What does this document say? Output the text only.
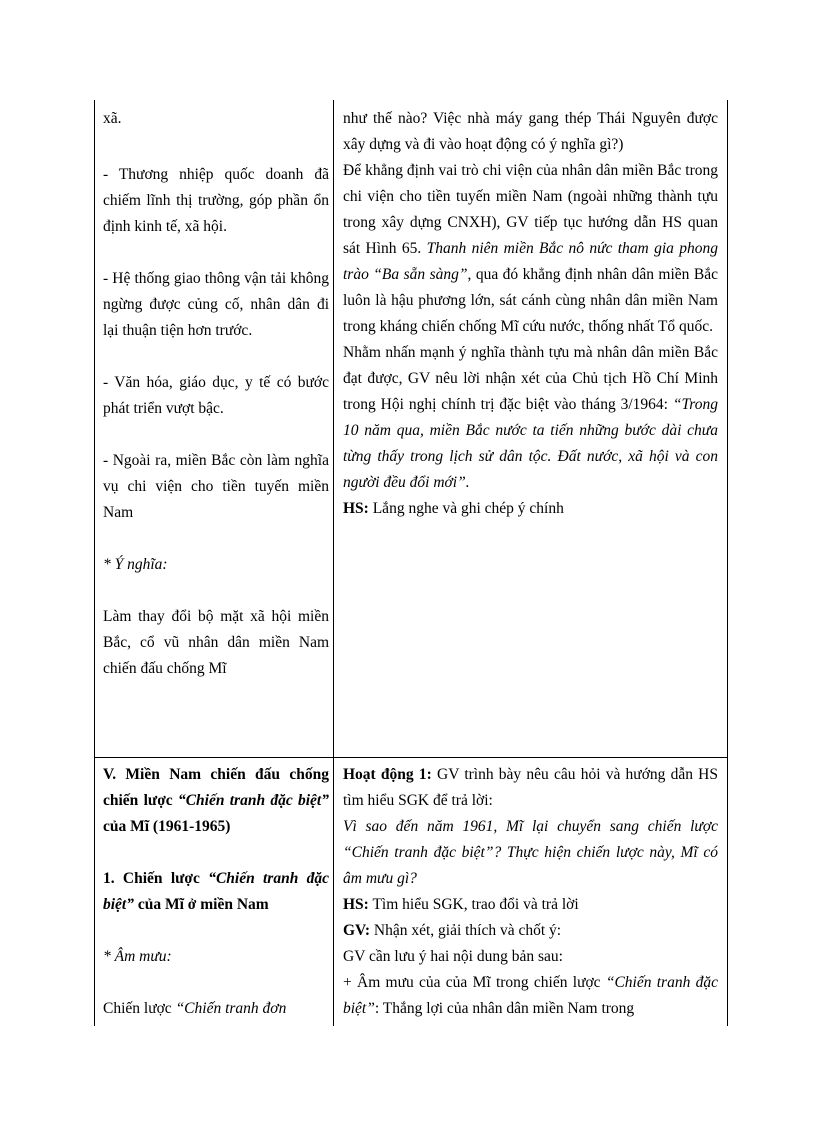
xã.

- Thương nhiệp quốc doanh đã chiếm lĩnh thị trường, góp phần ổn định kinh tế, xã hội.

- Hệ thống giao thông vận tải không ngừng được củng cố, nhân dân đi lại thuận tiện hơn trước.

- Văn hóa, giáo dục, y tế có bước phát triển vượt bậc.

- Ngoài ra, miền Bắc còn làm nghĩa vụ chi viện cho tiền tuyến miền Nam

* Ý nghĩa:

Làm thay đổi bộ mặt xã hội miền Bắc, cổ vũ nhân dân miền Nam chiến đấu chống Mĩ

như thế nào? Việc nhà máy gang thép Thái Nguyên được xây dựng và đi vào hoạt động có ý nghĩa gì?)

Để khẳng định vai trò chi viện của nhân dân miền Bắc trong chi viện cho tiền tuyến miền Nam (ngoài những thành tựu trong xây dựng CNXH), GV tiếp tục hướng dẫn HS quan sát Hình 65. Thanh niên miền Bắc nô nức tham gia phong trào “Ba sẵn sàng”, qua đó khẳng định nhân dân miền Bắc luôn là hậu phương lớn, sát cánh cùng nhân dân miền Nam trong kháng chiến chống Mĩ cứu nước, thống nhất Tổ quốc.

Nhằm nhấn mạnh ý nghĩa thành tựu mà nhân dân miền Bắc đạt được, GV nêu lời nhận xét của Chủ tịch Hồ Chí Minh trong Hội nghị chính trị đặc biệt vào tháng 3/1964: “Trong 10 năm qua, miền Bắc nước ta tiến những bước dài chưa từng thấy trong lịch sử dân tộc. Đất nước, xã hội và con người đều đổi mới”.

HS: Lắng nghe và ghi chép ý chính

V. Miền Nam chiến đấu chống chiến lược “Chiến tranh đặc biệt” của Mĩ (1961-1965)

1. Chiến lược “Chiến tranh đặc biệt” của Mĩ ở miền Nam

* Âm mưu:

Chiến lược “Chiến tranh đơn

Hoạt động 1: GV trình bày nêu câu hỏi và hướng dẫn HS tìm hiểu SGK để trả lời:

Vì sao đến năm 1961, Mĩ lại chuyển sang chiến lược “Chiến tranh đặc biệt”? Thực hiện chiến lược này, Mĩ có âm mưu gì?

HS: Tìm hiểu SGK, trao đổi và trả lời

GV: Nhận xét, giải thích và chốt ý:

GV cần lưu ý hai nội dung bản sau:

+ Âm mưu của của Mĩ trong chiến lược “Chiến tranh đặc biệt”: Thắng lợi của nhân dân miền Nam trong
